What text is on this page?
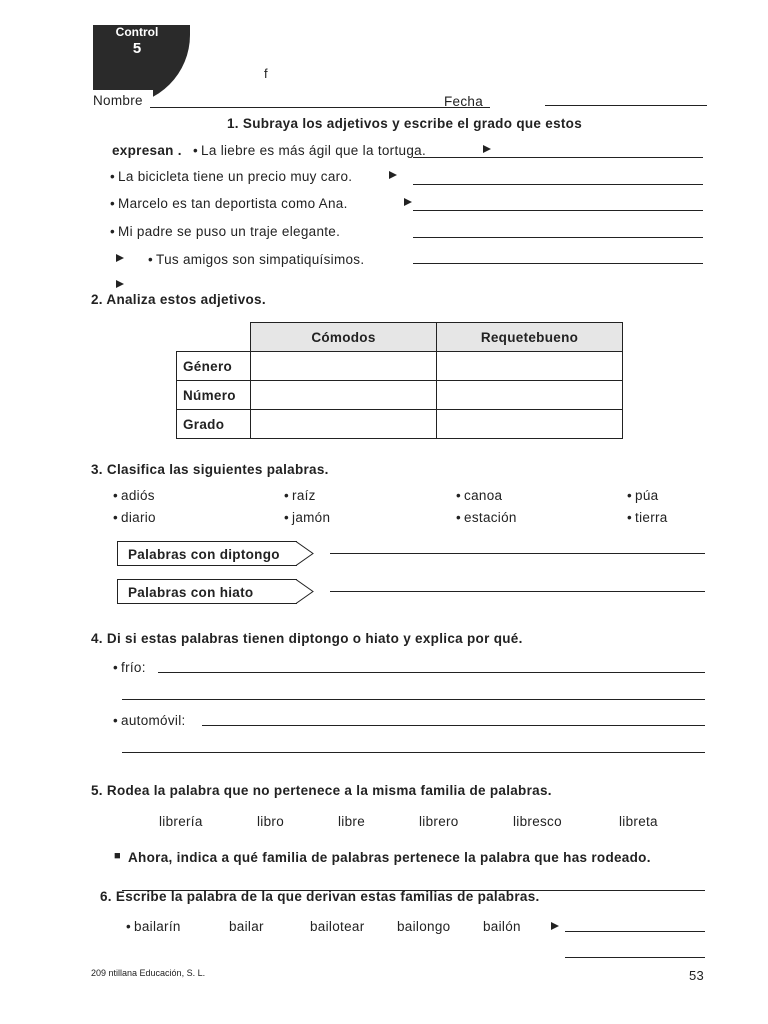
Control
5
f
Nombre	Fecha
1. Subraya los adjetivos y escribe el grado que estos
expresan .	• La liebre es más ágil que la tortuga.
• La bicicleta tiene un precio muy caro.
• Marcelo es tan deportista como Ana.
• Mi padre se puso un traje elegante.
• Tus amigos son simpatiquísimos.
2. Analiza estos adjetivos.
	Cómodos	Requetebueno
Género		
Número		
Grado		
3. Clasifica las siguientes palabras.
• adiós	• raíz	• canoa	• púa
• diario	• jamón	• estación	• tierra
Palabras con diptongo
Palabras con hiato
4. Di si estas palabras tienen diptongo o hiato y explica por qué.
• frío:
• automóvil:
5. Rodea la palabra que no pertenece a la misma familia de palabras.
librería	libro	libre	librero	libresco	libreta
■ Ahora, indica a qué familia de palabras pertenece la palabra que has rodeado.
6. Escribe la palabra de la que derivan estas familias de palabras.
• bailarín	bailar	bailotear bailongo bailón
209 ntillana Educación, S. L.	53
